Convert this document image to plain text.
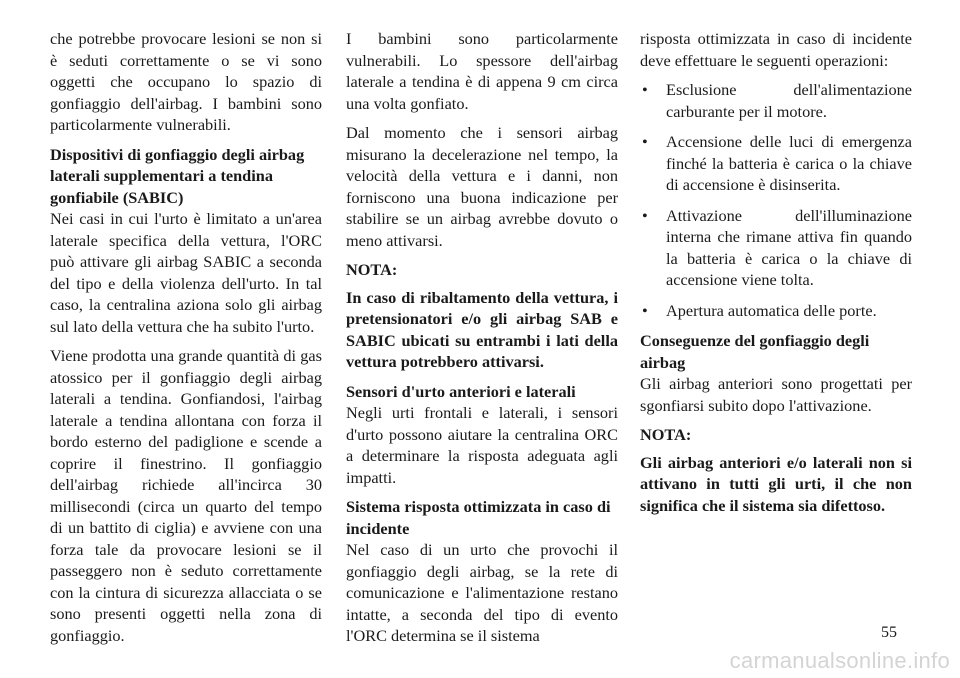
che potrebbe provocare lesioni se non si è seduti correttamente o se vi sono oggetti che occupano lo spazio di gonfiaggio dell'airbag. I bambini sono particolarmente vulnerabili.

Dispositivi di gonfiaggio degli airbag laterali supplementari a tendina gonfiabile (SABIC)

Nei casi in cui l'urto è limitato a un'area laterale specifica della vettura, l'ORC può attivare gli airbag SABIC a seconda del tipo e della violenza dell'urto. In tal caso, la centralina aziona solo gli airbag sul lato della vettura che ha subito l'urto.

Viene prodotta una grande quantità di gas atossico per il gonfiaggio degli airbag laterali a tendina. Gonfiandosi, l'airbag laterale a tendina allontana con forza il bordo esterno del padiglione e scende a coprire il finestrino. Il gonfiaggio dell'airbag richiede all'incirca 30 millisecondi (circa un quarto del tempo di un battito di ciglia) e avviene con una forza tale da provocare lesioni se il passeggero non è seduto correttamente con la cintura di sicurezza allacciata o se sono presenti oggetti nella zona di gonfiaggio.

I bambini sono particolarmente vulnerabili. Lo spessore dell'airbag laterale a tendina è di appena 9 cm circa una volta gonfiato.

Dal momento che i sensori airbag misurano la decelerazione nel tempo, la velocità della vettura e i danni, non forniscono una buona indicazione per stabilire se un airbag avrebbe dovuto o meno attivarsi.

NOTA:

In caso di ribaltamento della vettura, i pretensionatori e/o gli airbag SAB e SABIC ubicati su entrambi i lati della vettura potrebbero attivarsi.

Sensori d'urto anteriori e laterali

Negli urti frontali e laterali, i sensori d'urto possono aiutare la centralina ORC a determinare la risposta adeguata agli impatti.

Sistema risposta ottimizzata in caso di incidente

Nel caso di un urto che provochi il gonfiaggio degli airbag, se la rete di comunicazione e l'alimentazione restano intatte, a seconda del tipo di evento l'ORC determina se il sistema

risposta ottimizzata in caso di incidente deve effettuare le seguenti operazioni:

• Esclusione dell'alimentazione carburante per il motore.
• Accensione delle luci di emergenza finché la batteria è carica o la chiave di accensione è disinserita.
• Attivazione dell'illuminazione interna che rimane attiva fin quando la batteria è carica o la chiave di accensione viene tolta.
• Apertura automatica delle porte.

Conseguenze del gonfiaggio degli airbag

Gli airbag anteriori sono progettati per sgonfiarsi subito dopo l'attivazione.

NOTA:

Gli airbag anteriori e/o laterali non si attivano in tutti gli urti, il che non significa che il sistema sia difettoso.

55
carmanualsonline.info
